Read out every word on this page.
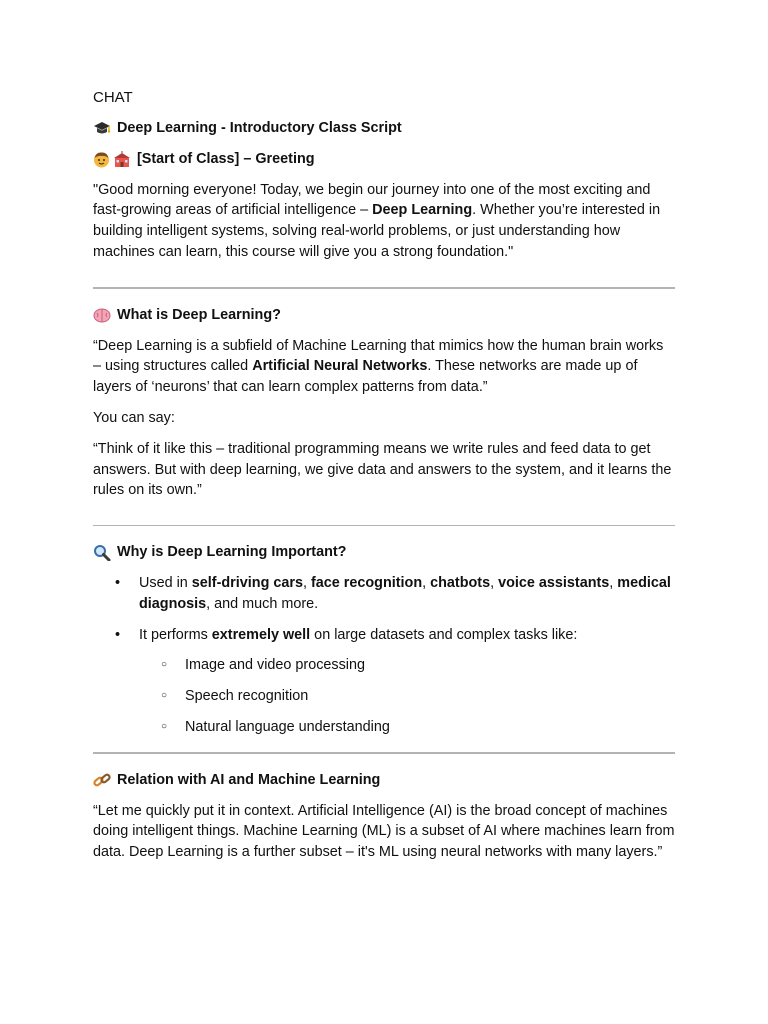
CHAT
Deep Learning - Introductory Class Script
[Start of Class] – Greeting

"Good morning everyone! Today, we begin our journey into one of the most exciting and fast-growing areas of artificial intelligence – Deep Learning. Whether you’re interested in building intelligent systems, solving real-world problems, or just understanding how machines can learn, this course will give you a strong foundation."

What is Deep Learning?

“Deep Learning is a subfield of Machine Learning that mimics how the human brain works – using structures called Artificial Neural Networks. These networks are made up of layers of ‘neurons’ that can learn complex patterns from data.”

You can say:

“Think of it like this – traditional programming means we write rules and feed data to get answers. But with deep learning, we give data and answers to the system, and it learns the rules on its own.”

Why is Deep Learning Important?
• Used in self-driving cars, face recognition, chatbots, voice assistants, medical diagnosis, and much more.
• It performs extremely well on large datasets and complex tasks like:
○ Image and video processing
○ Speech recognition
○ Natural language understanding
Relation with AI and Machine Learning

“Let me quickly put it in context. Artificial Intelligence (AI) is the broad concept of machines doing intelligent things. Machine Learning (ML) is a subset of AI where machines learn from data. Deep Learning is a further subset – it's ML using neural networks with many layers.”
